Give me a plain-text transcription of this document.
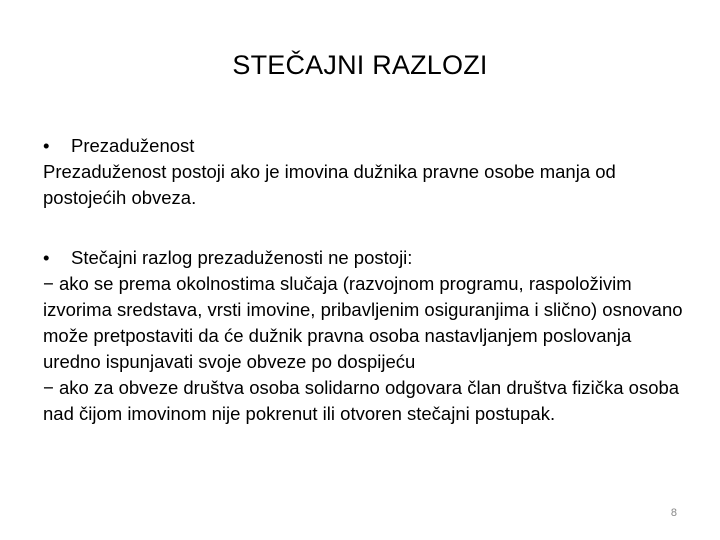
STEČAJNI RAZLOZI
•	Prezaduženost

Prezaduženost postoji ako je imovina dužnika pravne osobe manja od postojećih obveza.

•	Stečajni razlog prezaduženosti ne postoji:

− ako se prema okolnostima slučaja (razvojnom programu, raspoloživim izvorima sredstava, vrsti imovine, pribavljenim osiguranjima i slično) osnovano može pretpostaviti da će dužnik pravna osoba nastavljanjem poslovanja uredno ispunjavati svoje obveze po dospijeću

− ako za obveze društva osoba solidarno odgovara član društva fizička osoba nad čijom imovinom nije pokrenut ili otvoren stečajni postupak.

8
